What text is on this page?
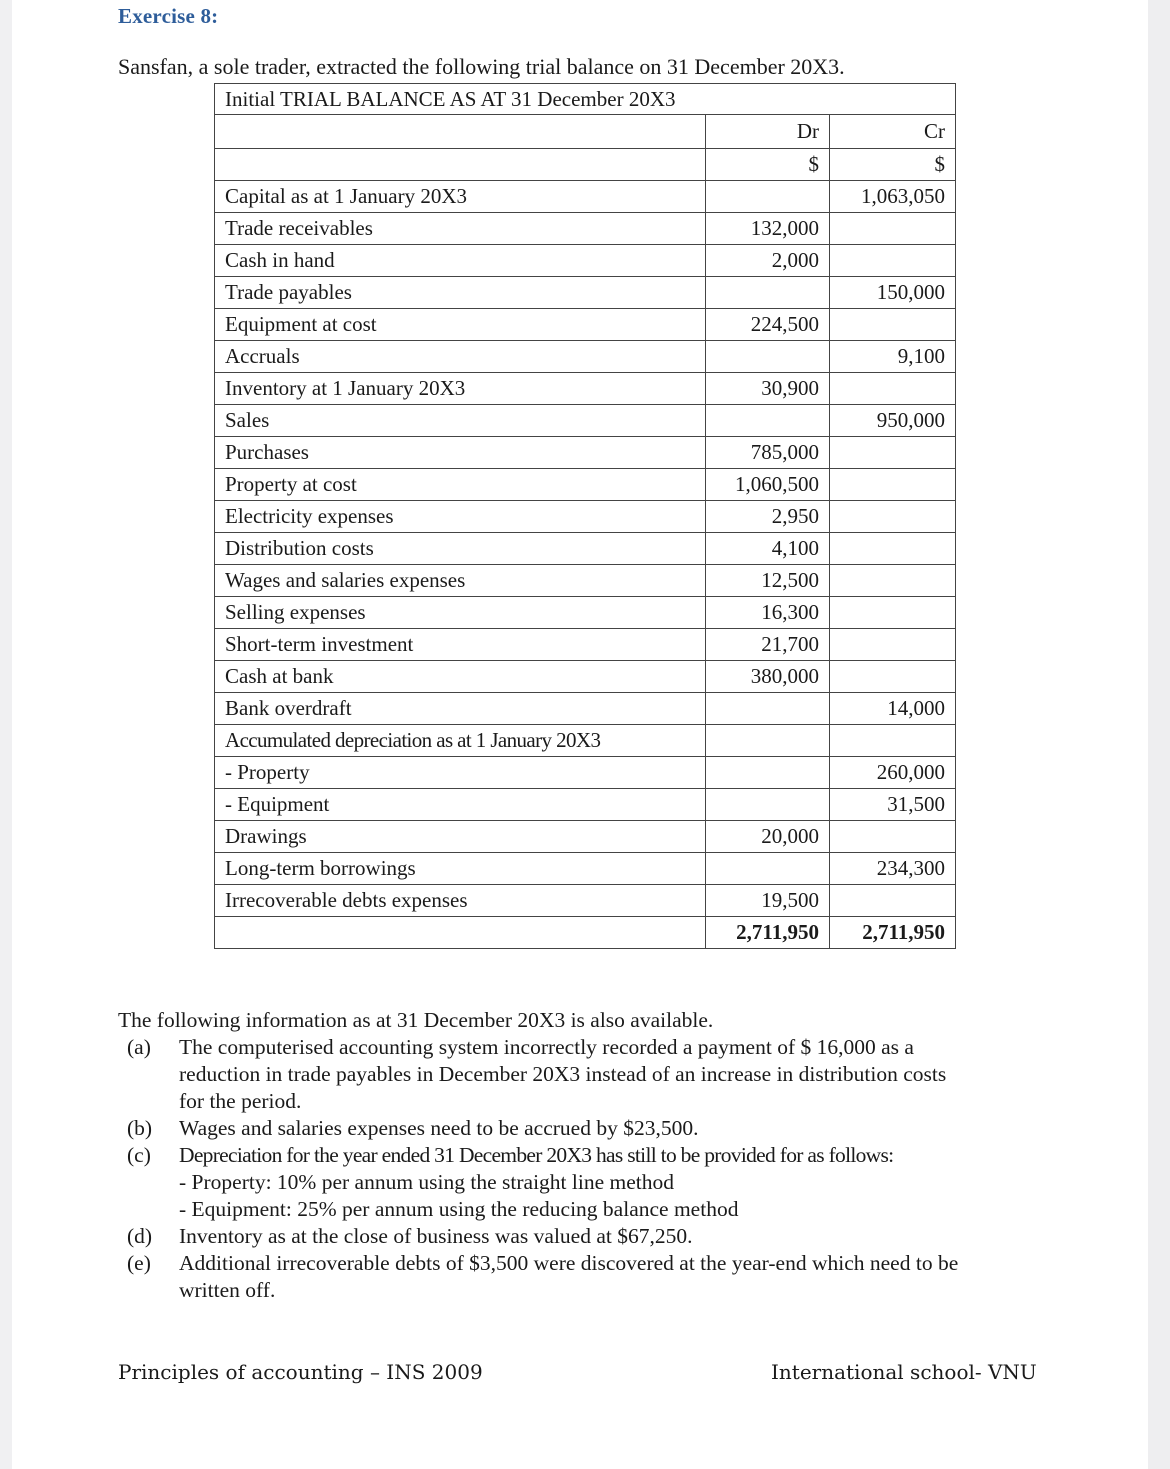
Exercise 8:
Sansfan, a sole trader, extracted the following trial balance on 31 December 20X3.
Initial TRIAL BALANCE AS AT 31 December 20X3		
	Dr	Cr
	$	$
Capital as at 1 January 20X3		1,063,050
Trade receivables	132,000	
Cash in hand	2,000	
Trade payables		150,000
Equipment at cost	224,500	
Accruals		9,100
Inventory at 1 January 20X3	30,900	
Sales		950,000
Purchases	785,000	
Property at cost	1,060,500	
Electricity expenses	2,950	
Distribution costs	4,100	
Wages and salaries expenses	12,500	
Selling expenses	16,300	
Short-term investment	21,700	
Cash at bank	380,000	
Bank overdraft		14,000
Accumulated depreciation as at 1 January 20X3		
- Property		260,000
- Equipment		31,500
Drawings	20,000	
Long-term borrowings		234,300
Irrecoverable debts expenses	19,500	
	2,711,950	2,711,950

The following information as at 31 December 20X3 is also available.

(a) The computerised accounting system incorrectly recorded a payment of $ 16,000 as a
reduction in trade payables in December 20X3 instead of an increase in distribution costs
for the period.
(b) Wages and salaries expenses need to be accrued by $23,500.
(c) Depreciation for the year ended 31 December 20X3 has still to be provided for as follows:
- Property: 10% per annum using the straight line method
- Equipment: 25% per annum using the reducing balance method
(d) Inventory as at the close of business was valued at $67,250.
(e) Additional irrecoverable debts of $3,500 were discovered at the year-end which need to be
written off.
Principles of accounting – INS 2009	International school- VNU
